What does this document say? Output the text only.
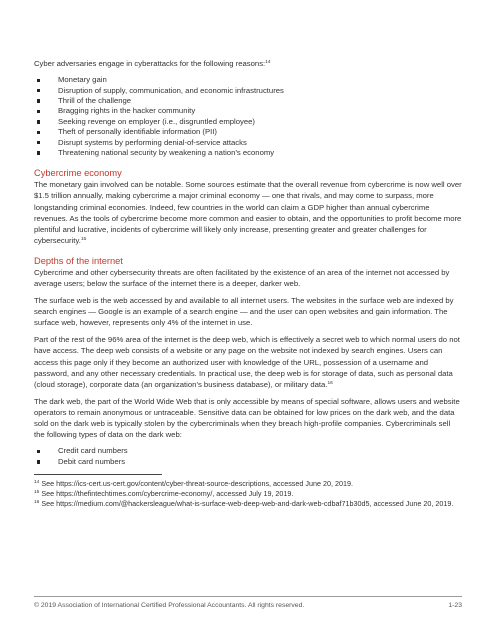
Cyber adversaries engage in cyberattacks for the following reasons:$^{14}$

Monetary gain
Disruption of supply, communication, and economic infrastructures
Thrill of the challenge
Bragging rights in the hacker community
Seeking revenge on employer (i.e., disgruntled employee)
Theft of personally identifiable information (PII)
Disrupt systems by performing denial-of-service attacks
Threatening national security by weakening a nation’s economy
Cybercrime economy

The monetary gain involved can be notable. Some sources estimate that the overall revenue from cybercrime is now well over $1.5 trillion annually, making cybercrime a major criminal economy — one that rivals, and may come to surpass, more longstanding criminal economies. Indeed, few countries in the world can claim a GDP higher than annual cybercrime revenues. As the tools of cybercrime become more common and easier to obtain, and the opportunities to profit become more plentiful and lucrative, incidents of cybercrime will likely only increase, presenting greater and greater challenges for cybersecurity.$^{15}$

Depths of the internet

Cybercrime and other cybersecurity threats are often facilitated by the existence of an area of the internet not accessed by average users; below the surface of the internet there is a deeper, darker web.

The surface web is the web accessed by and available to all internet users. The websites in the surface web are indexed by search engines — Google is an example of a search engine — and the user can open websites and gain information. The surface web, however, represents only 4% of the internet in use.

Part of the rest of the 96% area of the internet is the deep web, which is effectively a secret web to which normal users do not have access. The deep web consists of a website or any page on the website not indexed by search engines. Users can access this page only if they become an authorized user with knowledge of the URL, possession of a username and password, and any other necessary credentials. In practical use, the deep web is for storage of data, such as personal data (cloud storage), corporate data (an organization’s business database), or military data.$^{16}$

The dark web, the part of the World Wide Web that is only accessible by means of special software, allows users and website operators to remain anonymous or untraceable. Sensitive data can be obtained for low prices on the dark web, and the data sold on the dark web is typically stolen by the cybercriminals when they breach high-profile companies. Cybercriminals sell the following types of data on the dark web:

Credit card numbers
Debit card numbers

$^{14}$ See https://ics-cert.us-cert.gov/content/cyber-threat-source-descriptions, accessed June 20, 2019.

$^{15}$ See https://thefintechtimes.com/cybercrime-economy/, accessed July 19, 2019.

$^{16}$ See https://medium.com/@hackersleague/what-is-surface-web-deep-web-and-dark-web-cdbaf71b30d5, accessed June 20, 2019.

© 2019 Association of International Certified Professional Accountants. All rights reserved.	1-23
